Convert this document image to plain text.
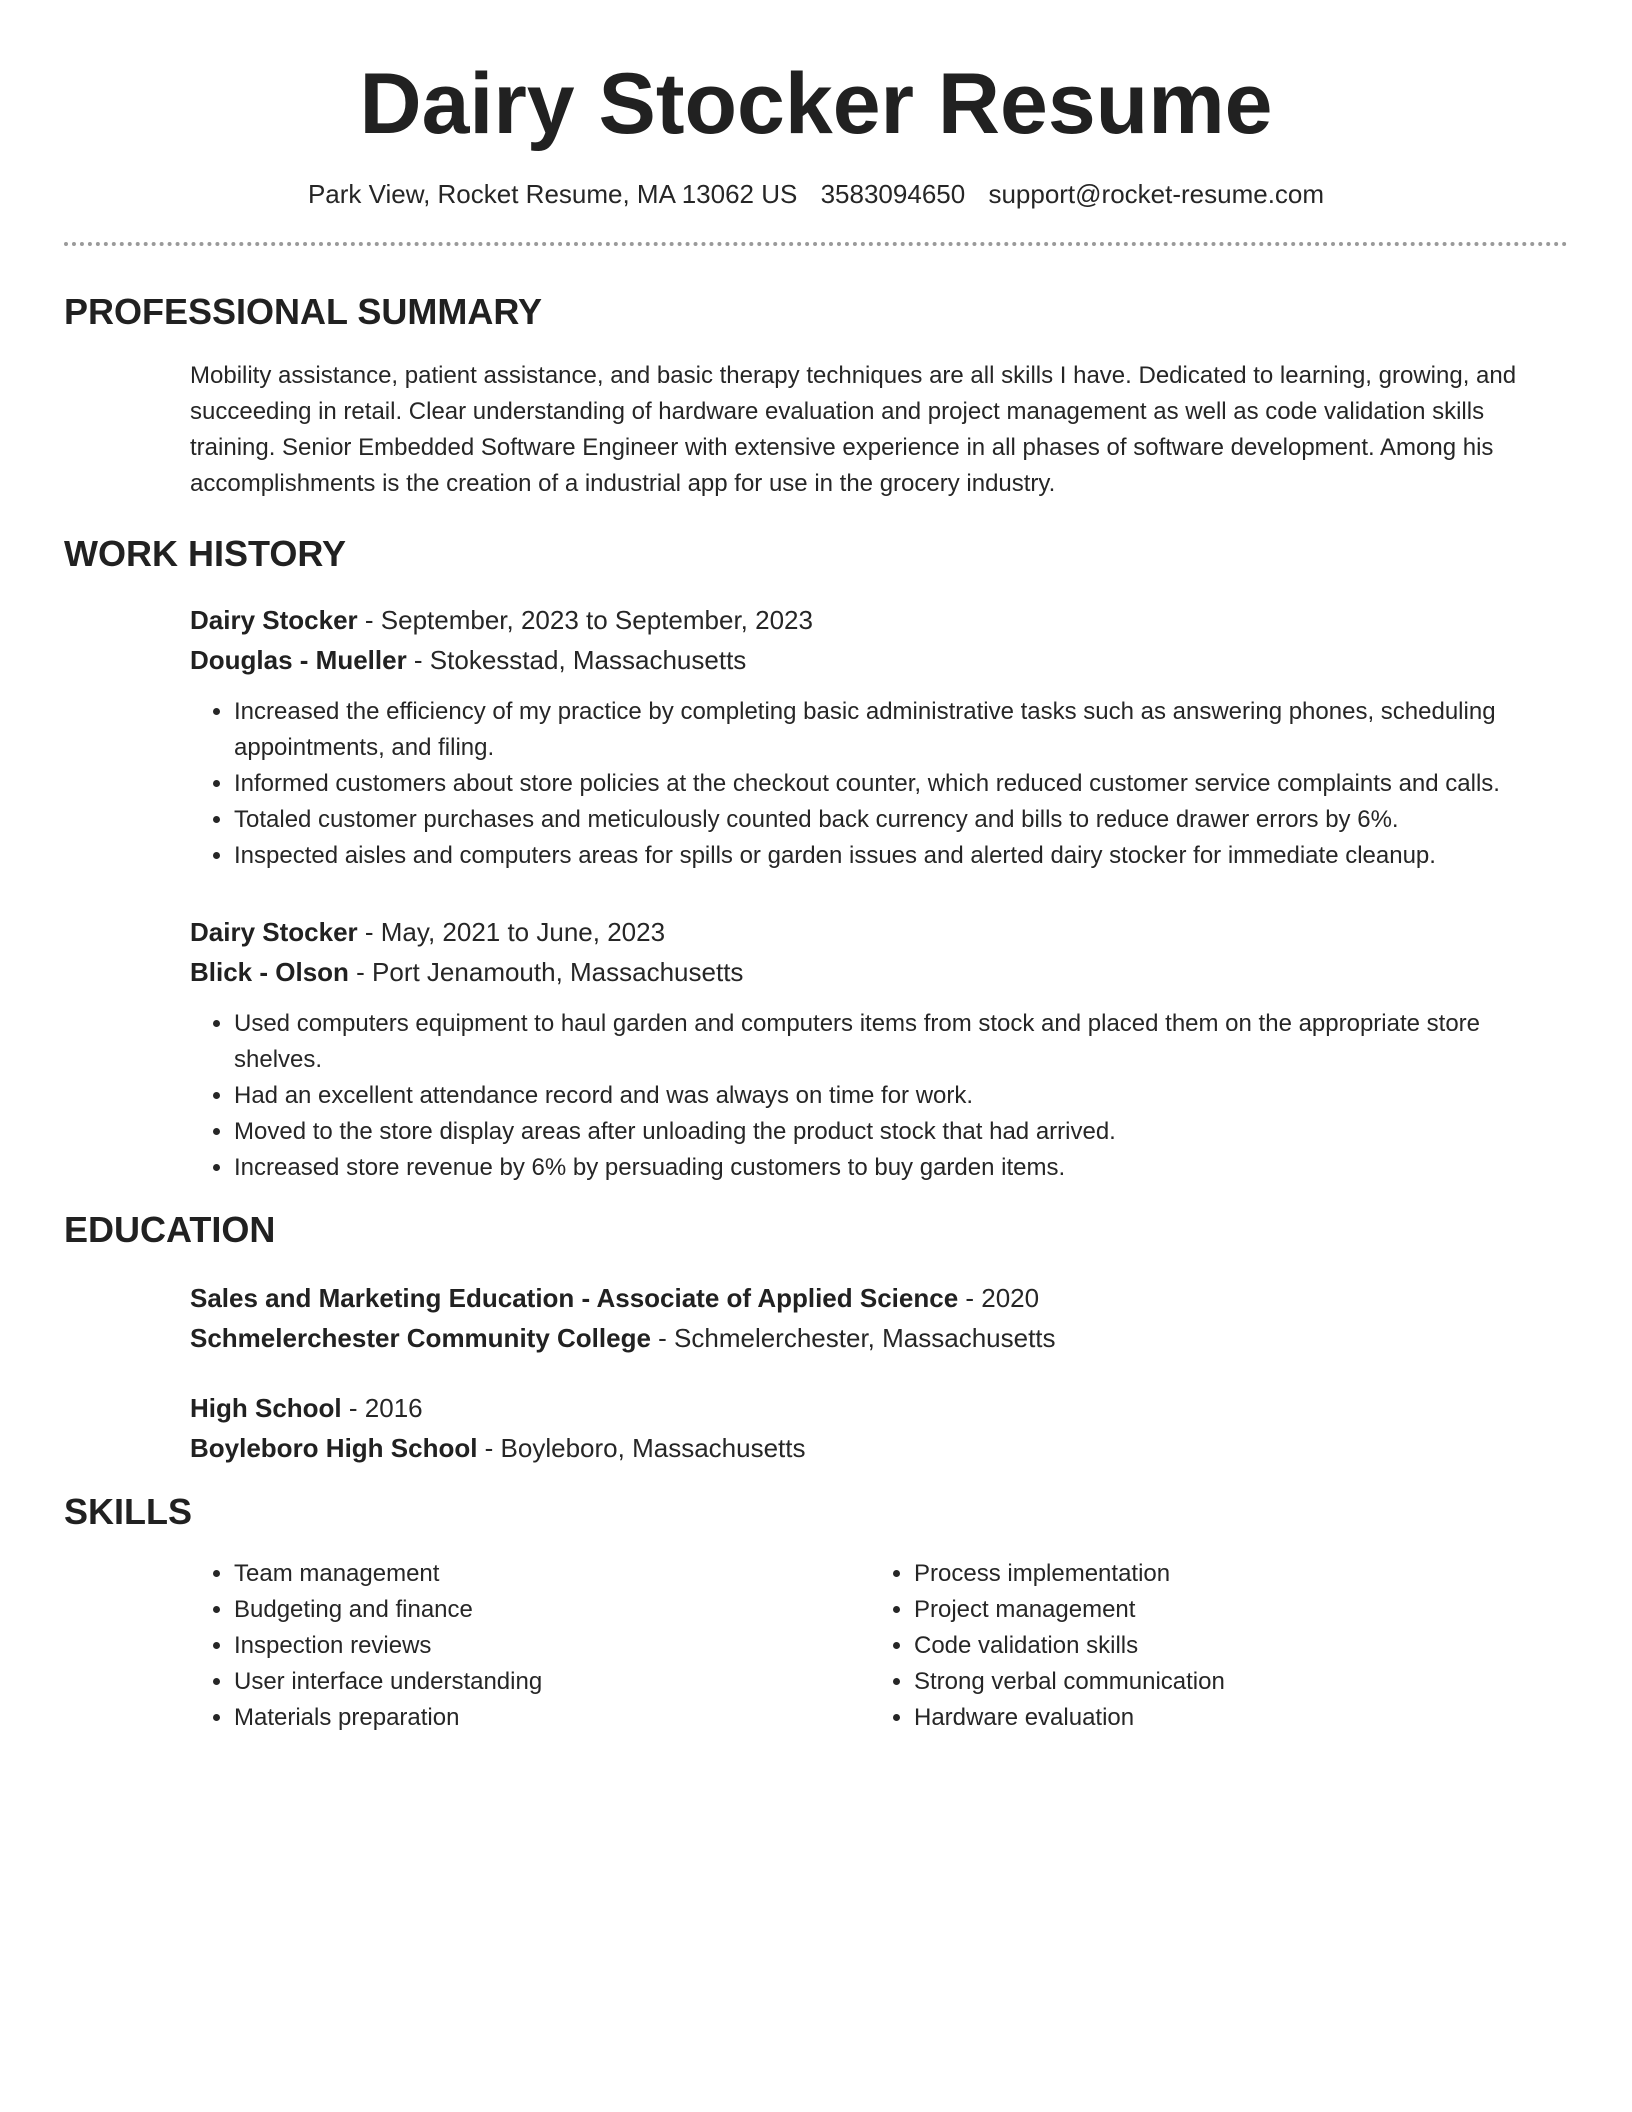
Dairy Stocker Resume
Park View, Rocket Resume, MA 13062 US 3583094650 support@rocket-resume.com
PROFESSIONAL SUMMARY

Mobility assistance, patient assistance, and basic therapy techniques are all skills I have. Dedicated to learning, growing, and succeeding in retail. Clear understanding of hardware evaluation and project management as well as code validation skills training. Senior Embedded Software Engineer with extensive experience in all phases of software development. Among his accomplishments is the creation of a industrial app for use in the grocery industry.

WORK HISTORY
Dairy Stocker - September, 2023 to September, 2023
Douglas - Mueller - Stokesstad, Massachusetts
• Increased the efficiency of my practice by completing basic administrative tasks such as answering phones, scheduling appointments, and filing.
• Informed customers about store policies at the checkout counter, which reduced customer service complaints and calls.
• Totaled customer purchases and meticulously counted back currency and bills to reduce drawer errors by 6%.
• Inspected aisles and computers areas for spills or garden issues and alerted dairy stocker for immediate cleanup.
Dairy Stocker - May, 2021 to June, 2023
Blick - Olson - Port Jenamouth, Massachusetts
• Used computers equipment to haul garden and computers items from stock and placed them on the appropriate store shelves.
• Had an excellent attendance record and was always on time for work.
• Moved to the store display areas after unloading the product stock that had arrived.
• Increased store revenue by 6% by persuading customers to buy garden items.
EDUCATION
Sales and Marketing Education - Associate of Applied Science - 2020
Schmelerchester Community College - Schmelerchester, Massachusetts
High School - 2016
Boyleboro High School - Boyleboro, Massachusetts
SKILLS
• Team management
• Budgeting and finance
• Inspection reviews
• User interface understanding
• Materials preparation
• Process implementation
• Project management
• Code validation skills
• Strong verbal communication
• Hardware evaluation
